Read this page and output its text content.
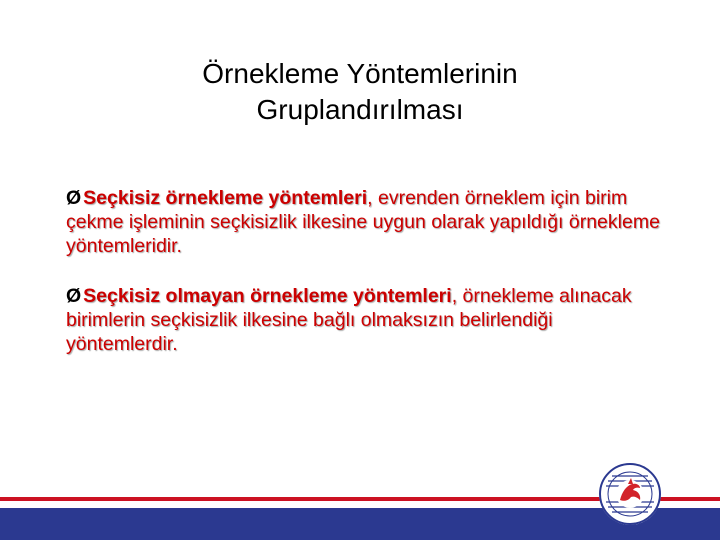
Örnekleme Yöntemlerinin
Gruplandırılması

Ø Seçkisiz örnekleme yöntemleri, evrenden örneklem için birim çekme işleminin seçkisizlik ilkesine uygun olarak yapıldığı örnekleme yöntemleridir.

Ø Seçkisiz olmayan örnekleme yöntemleri, örnekleme alınacak birimlerin seçkisizlik ilkesine bağlı olmaksızın belirlendiği yöntemlerdir.
